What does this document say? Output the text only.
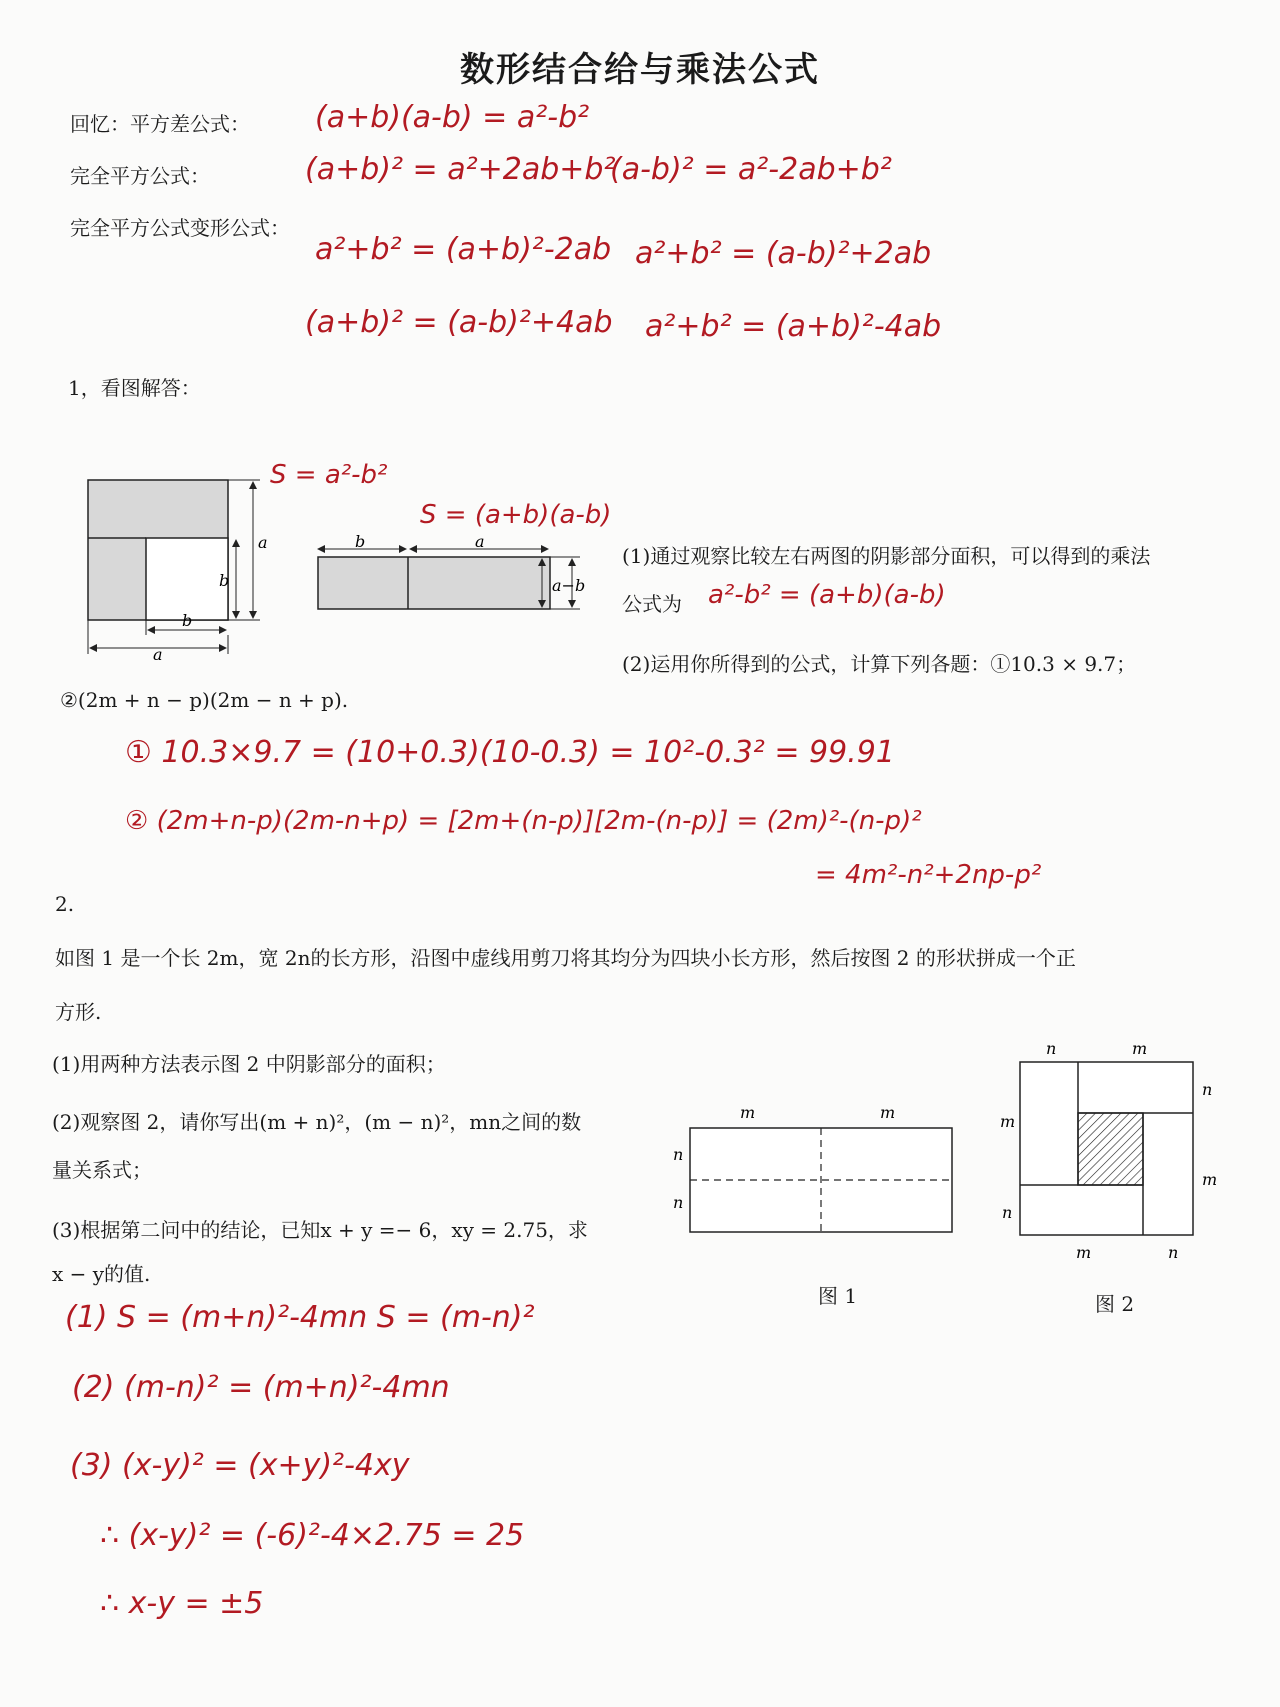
数形结合给与乘法公式
回忆：平方差公式： (a+b)(a-b) = a²-b²
完全平方公式：	(a+b)² = a²+2ab+b²
(a-b)² = a²-2ab+b²
完全平方公式变形公式：
a²+b² = (a+b)²-2ab a²+b² = (a-b)²+2ab
(a+b)² = (a-b)²+4ab a²+b² = (a+b)²-4ab
1，看图解答：
S = a²-b²
S = (a+b)(a-b)
a
b
b
a
b	a
a−b
(1)通过观察比较左右两图的阴影部分面积，可以得到的乘法
公式为 a²-b² = (a+b)(a-b)
(2)运用你所得到的公式，计算下列各题：①10.3 × 9.7；
②(2m + n − p)(2m − n + p).
① 10.3×9.7 = (10+0.3)(10-0.3) = 10²-0.3² = 99.91
② (2m+n-p)(2m-n+p) = [2m+(n-p)][2m-(n-p)] = (2m)²-(n-p)²
= 4m²-n²+2np-p²
2.
如图 1 是一个长 2m，宽 2n的长方形，沿图中虚线用剪刀将其均分为四块小长方形，然后按图 2 的形状拼成一个正
方形.
(1)用两种方法表示图 2 中阴影部分的面积；
(2)观察图 2，请你写出(m + n)²，(m − n)²，mn之间的数
量关系式；
(3)根据第二问中的结论，已知x + y =− 6，xy = 2.75，求
x − y的值.
m	m
n
n
图 1
n	m
n
m
m
n
m	n
图 2
(1) S = (m+n)²-4mn S = (m-n)²
(2) (m-n)² = (m+n)²-4mn
(3) (x-y)² = (x+y)²-4xy
∴ (x-y)² = (-6)²-4×2.75 = 25
∴ x-y = ±5
